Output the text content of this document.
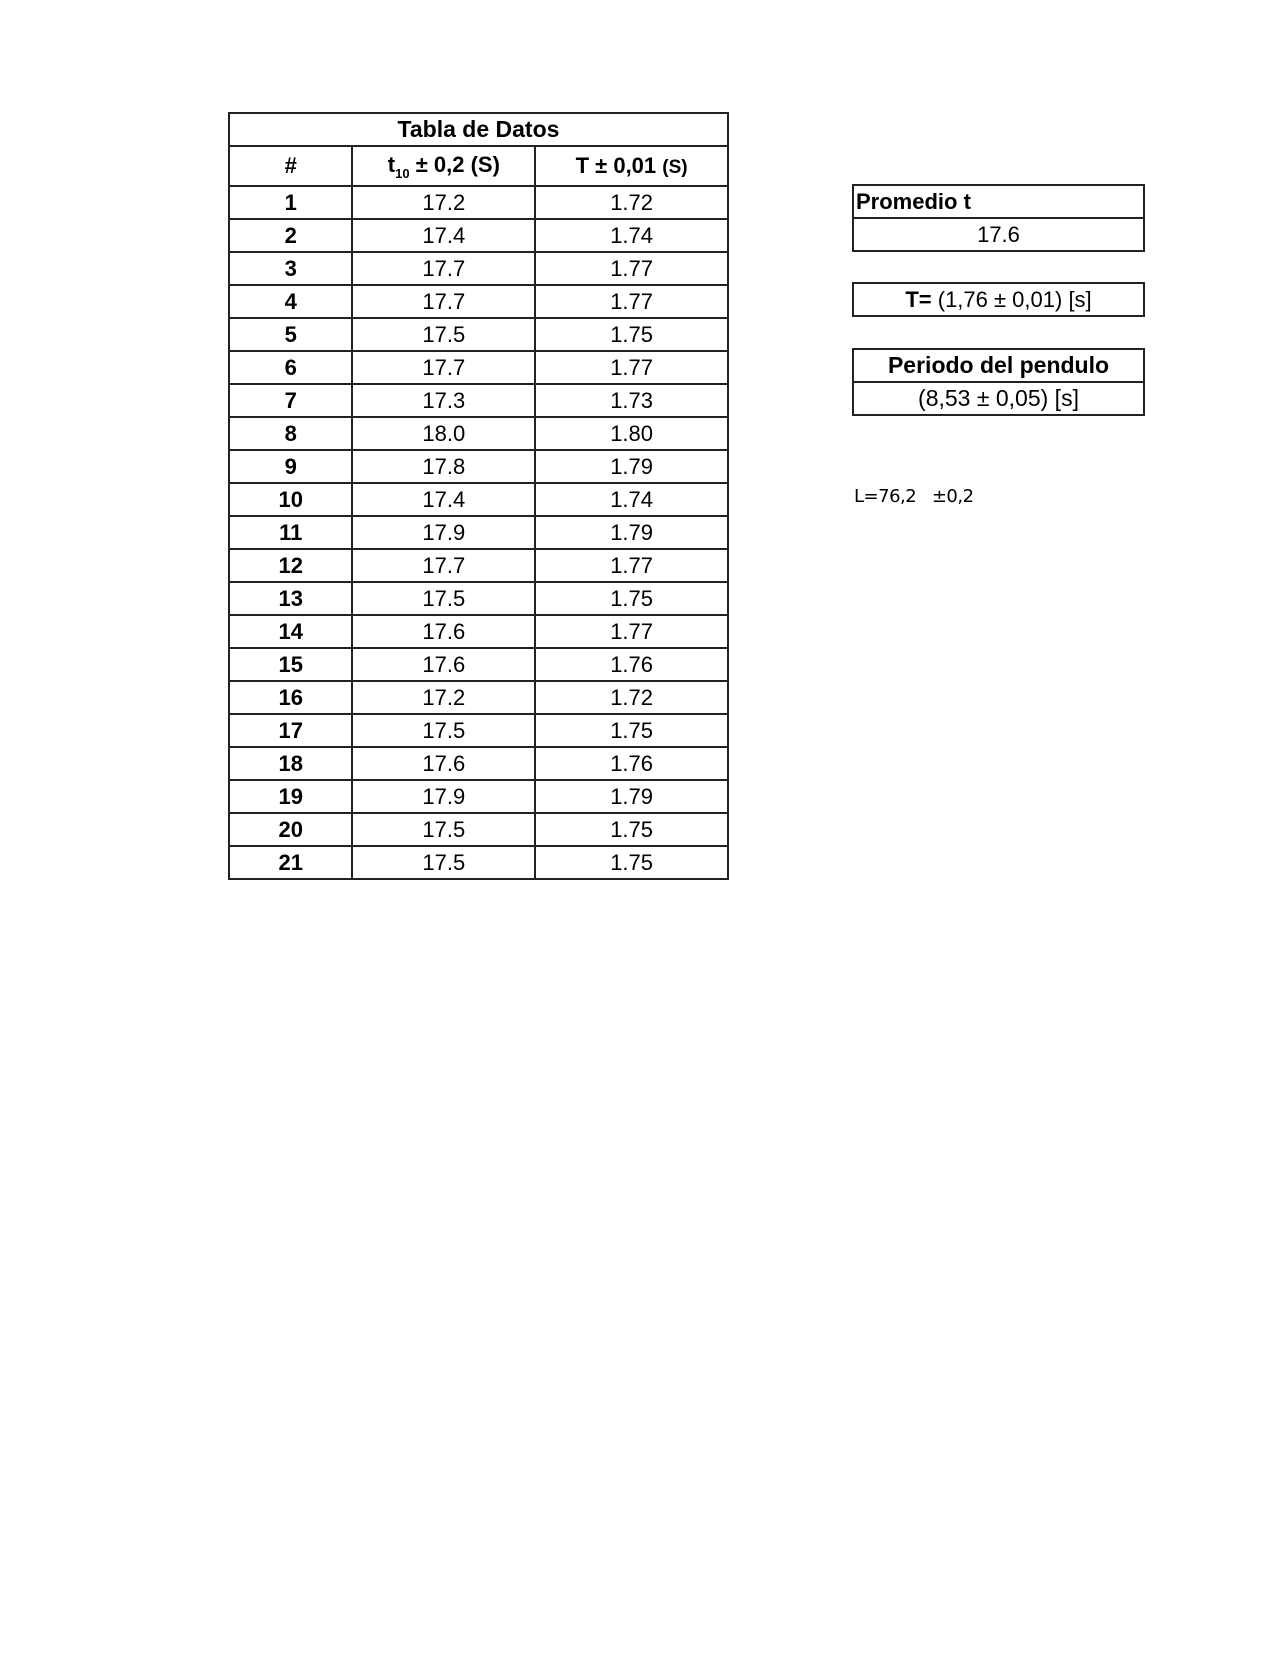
Tabla de Datos		
#	$t_{10} \pm 0,2$ (S)	T ± 0,01 (S)
1	17.2	1.72
2	17.4	1.74
3	17.7	1.77
4	17.7	1.77
5	17.5	1.75
6	17.7	1.77
7	17.3	1.73
8	18.0	1.80
9	17.8	1.79
10	17.4	1.74
11	17.9	1.79
12	17.7	1.77
13	17.5	1.75
14	17.6	1.77
15	17.6	1.76
16	17.2	1.72
17	17.5	1.75
18	17.6	1.76
19	17.9	1.79
20	17.5	1.75
21	17.5	1.75
Promedio t
17.6
T= (1,76 ± 0,01) [s]
Periodo del pendulo
(8,53 ± 0,05) [s]
L=76,2   ±0,2
